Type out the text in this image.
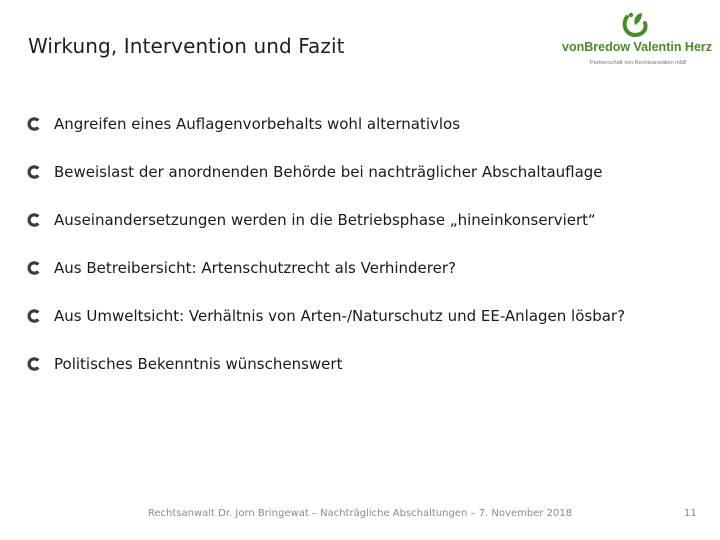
Wirkung, Intervention und Fazit	vonBredow Valentin Herz
Partnerschaft von Rechtsanwälten mbB
Angreifen eines Auflagenvorbehalts wohl alternativlos
Beweislast der anordnenden Behörde bei nachträglicher Abschaltauflage
Auseinandersetzungen werden in die Betriebsphase „hineinkonserviert“
Aus Betreibersicht: Artenschutzrecht als Verhinderer?
Aus Umweltsicht: Verhältnis von Arten-/Naturschutz und EE-Anlagen lösbar?
Politisches Bekenntnis wünschenswert
Rechtsanwalt Dr. Jorn Bringewat – Nachträgliche Abschaltungen – 7. November 2018	11
